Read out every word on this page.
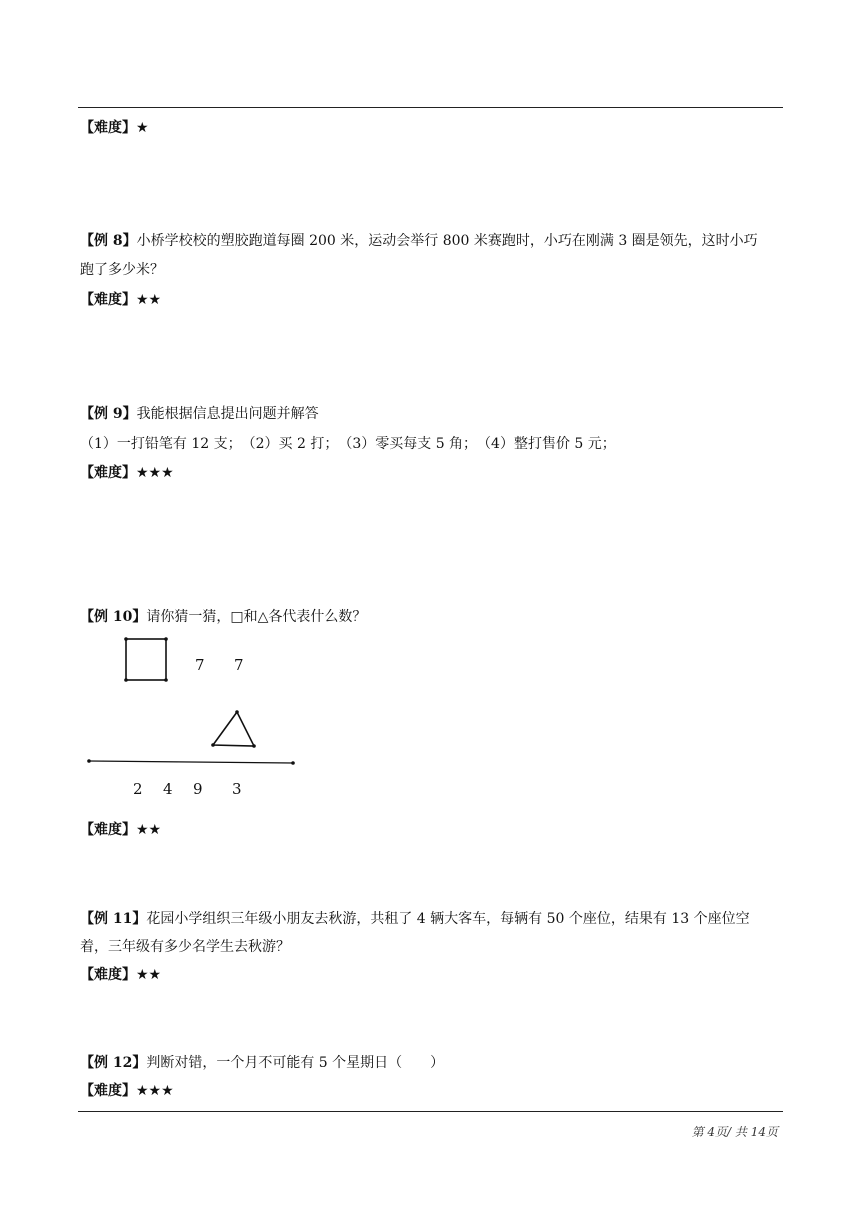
【难度】★
【例 8】小桥学校校的塑胶跑道每圈 200 米，运动会举行 800 米赛跑时，小巧在刚满 3 圈是领先，这时小巧
跑了多少米？
【难度】★★
【例 9】我能根据信息提出问题并解答
（1）一打铅笔有 12 支；　（2）买 2 打；　（3）零买每支 5 角；　（4）整打售价 5 元；
【难度】★★★
【例 10】请你猜一猜，□和△各代表什么数？
7 7
2 4 9 3
【难度】★★
【例 11】花园小学组织三年级小朋友去秋游，共租了 4 辆大客车，每辆有 50 个座位，结果有 13 个座位空
着，三年级有多少名学生去秋游？
【难度】★★
【例 12】判断对错，一个月不可能有 5 个星期日（　　）
【难度】★★★
第 4页/ 共 14页
